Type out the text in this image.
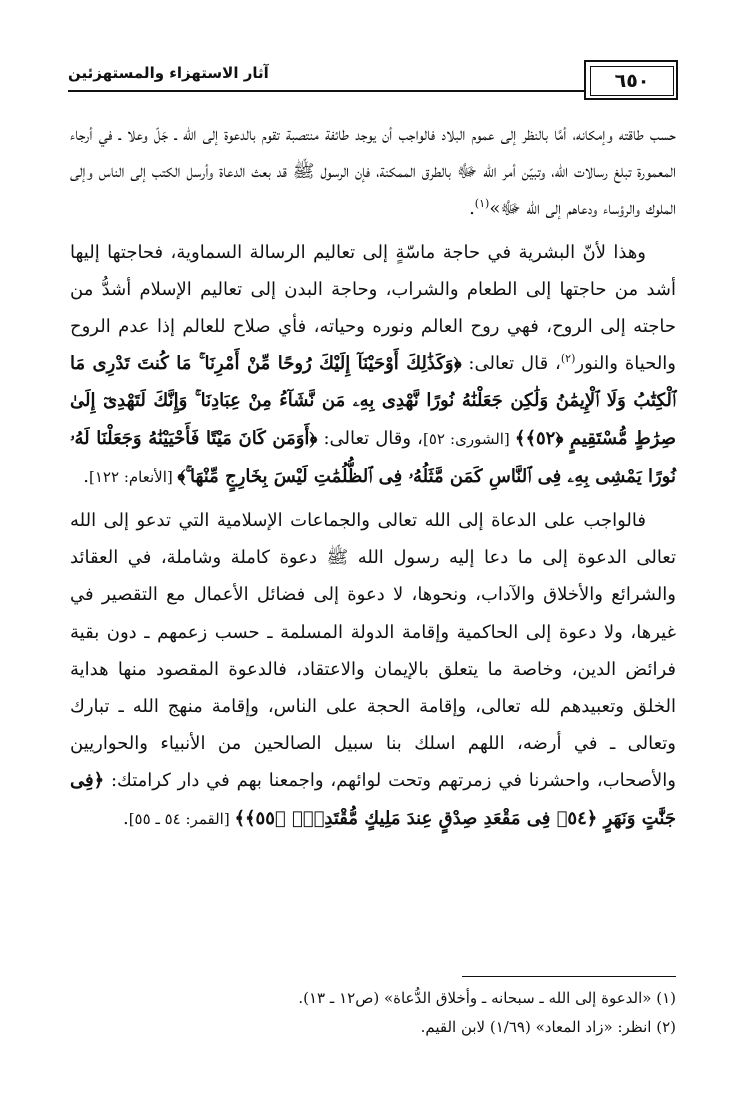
آثار الاستهزاء والمستهزئين	٦٥٠

حسب طاقته وإمكانه، أمَّا بالنظر إلى عموم البلاد فالواجب أن يوجد طائفة منتصبة تقوم بالدعوة إلى الله ـ جَلّ وعلا ـ في أرجاء المعمورة تبلغ رسالات الله، وتبيّن أمر الله ﷻ بالطرق الممكنة، فإن الرسول ﷺ قد بعث الدعاة وأرسل الكتب إلى الناس وإلى الملوك والرؤساء ودعاهم إلى الله ﷻ»$^{(١)}$.

وهذا لأنّ البشرية في حاجة ماسّةٍ إلى تعاليم الرسالة السماوية، فحاجتها إليها أشد من حاجتها إلى الطعام والشراب، وحاجة البدن إلى تعاليم الإسلام أشدُّ من حاجته إلى الروح، فهي روح العالم ونوره وحياته، فأي صلاح للعالم إذا عدم الروح والحياة والنور$^{(٢)}$، قال تعالى: ﴿وَكَذَٰلِكَ أَوْحَيْنَآ إِلَيْكَ رُوحًا مِّنْ أَمْرِنَا ۚ مَا كُنتَ تَدْرِى مَا ٱلْكِتَٰبُ وَلَا ٱلْإِيمَٰنُ وَلَٰكِن جَعَلْنَٰهُ نُورًا نَّهْدِى بِهِۦ مَن نَّشَآءُ مِنْ عِبَادِنَا ۚ وَإِنَّكَ لَتَهْدِىٓ إِلَىٰ صِرَٰطٍ مُّسْتَقِيمٍ ﴿٥٢﴾﴾ [الشورى: ٥٢]، وقال تعالى: ﴿أَوَمَن كَانَ مَيْتًا فَأَحْيَيْنَٰهُ وَجَعَلْنَا لَهُۥ نُورًا يَمْشِى بِهِۦ فِى ٱلنَّاسِ كَمَن مَّثَلُهُۥ فِى ٱلظُّلُمَٰتِ لَيْسَ بِخَارِجٍ مِّنْهَا ۚ﴾ [الأنعام: ١٢٢].

فالواجب على الدعاة إلى الله تعالى والجماعات الإسلامية التي تدعو إلى الله تعالى الدعوة إلى ما دعا إليه رسول الله ﷺ دعوة كاملة وشاملة، في العقائد والشرائع والأخلاق والآداب، ونحوها، لا دعوة إلى فضائل الأعمال مع التقصير في غيرها، ولا دعوة إلى الحاكمية وإقامة الدولة المسلمة ـ حسب زعمهم ـ دون بقية فرائض الدين، وخاصة ما يتعلق بالإيمان والاعتقاد، فالدعوة المقصود منها هداية الخلق وتعبيدهم لله تعالى، وإقامة الحجة على الناس، وإقامة منهج الله ـ تبارك وتعالى ـ في أرضه، اللهم اسلك بنا سبيل الصالحين من الأنبياء والحواريين والأصحاب، واحشرنا في زمرتهم وتحت لوائهم، واجمعنا بهم في دار كرامتك: ﴿فِى جَنَّٰتٍ وَنَهَرٍ ﴿٥٤﴾ فِى مَقْعَدِ صِدْقٍ عِندَ مَلِيكٍ مُّقْتَدِرٍۭ ﴿٥٥﴾﴾ [القمر: ٥٤ ـ ٥٥].

(١) «الدعوة إلى الله ـ سبحانه ـ وأخلاق الدُّعاة» (ص١٢ ـ ١٣).

(٢) انظر: «زاد المعاد» (١/٦٩) لابن القيم.
